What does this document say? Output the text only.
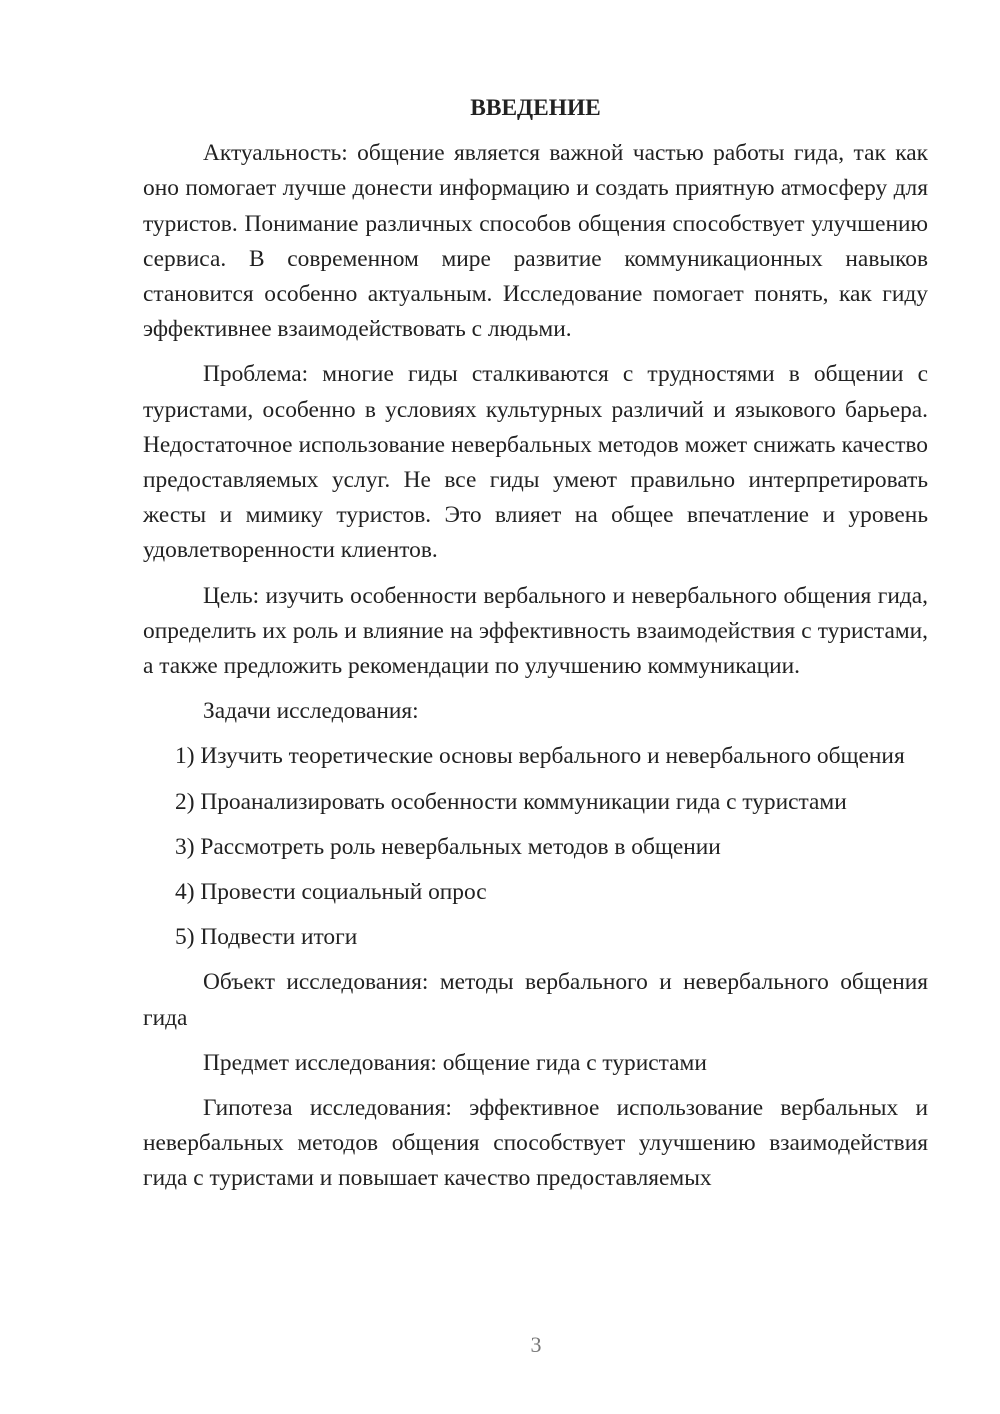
ВВЕДЕНИЕ

Актуальность: общение является важной частью работы гида, так как оно помогает лучше донести информацию и создать приятную атмосферу для туристов. Понимание различных способов общения способствует улучшению сервиса. В современном мире развитие коммуникационных навыков становится особенно актуальным. Исследование помогает понять, как гиду эффективнее взаимодействовать с людьми.

Проблема: многие гиды сталкиваются с трудностями в общении с туристами, особенно в условиях культурных различий и языкового барьера. Недостаточное использование невербальных методов может снижать качество предоставляемых услуг. Не все гиды умеют правильно интерпретировать жесты и мимику туристов. Это влияет на общее впечатление и уровень удовлетворенности клиентов.

Цель: изучить особенности вербального и невербального общения гида, определить их роль и влияние на эффективность взаимодействия с туристами, а также предложить рекомендации по улучшению коммуникации.

Задачи исследования:

1) Изучить теоретические основы вербального и невербального общения
2) Проанализировать особенности коммуникации гида с туристами
3) Рассмотреть роль невербальных методов в общении
4) Провести социальный опрос
5) Подвести итоги

Объект исследования: методы вербального и невербального общения гида

Предмет исследования: общение гида с туристами

Гипотеза исследования: эффективное использование вербальных и невербальных методов общения способствует улучшению взаимодействия гида с туристами и повышает качество предоставляемых

3
